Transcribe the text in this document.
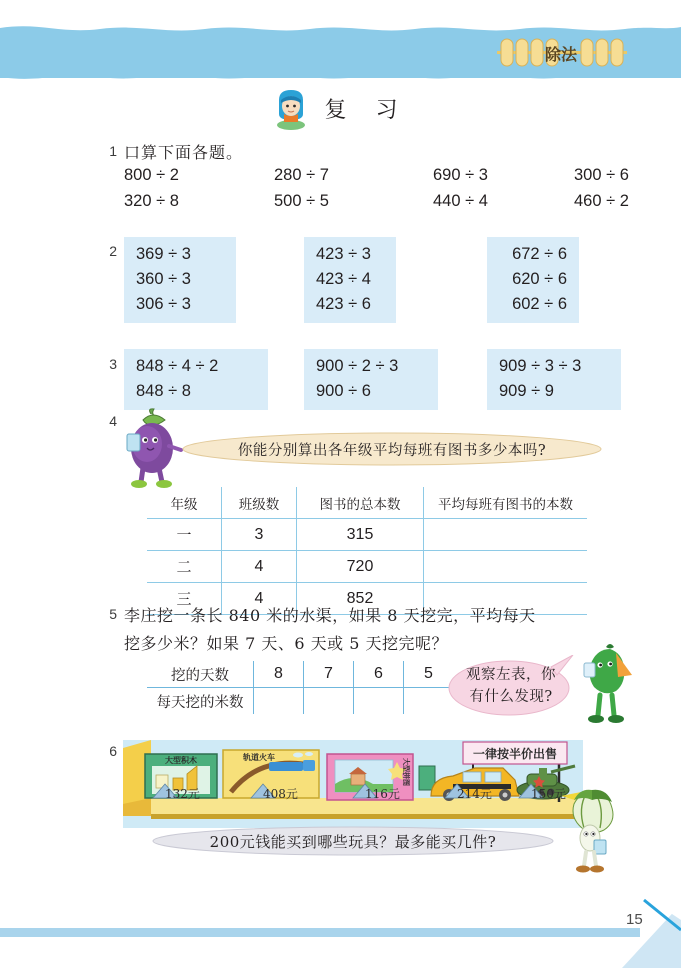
除法
复 习
1 口算下面各题。
800 ÷ 2	280 ÷ 7	690 ÷ 3	300 ÷ 6
320 ÷ 8	500 ÷ 5	440 ÷ 4	460 ÷ 2
2 369 ÷ 3
360 ÷ 3
306 ÷ 3
423 ÷ 3
423 ÷ 4
423 ÷ 6
672 ÷ 6
620 ÷ 6
602 ÷ 6
3 848 ÷ 4 ÷ 2
848 ÷ 8
900 ÷ 2 ÷ 3
900 ÷ 6
909 ÷ 3 ÷ 3
909 ÷ 9
4
你能分别算出各年级平均每班有图书多少本吗?
年级	班级数	图书的总本数	平均每班有图书的本数
一	3	315	
二	4	720	
三	4	852	
5 李庄挖一条长 840 米的水渠，如果 8 天挖完，平均每天
挖多少米？如果 7 天、6 天或 5 天挖完呢？
挖的天数	8	7	6	5
每天挖的米数				
观察左表，你
有什么发现?
6
大型积木	轨道火车
大型拼图
一律按半价出售
132元	408元	116元	214元	150元
200元钱能买到哪些玩具？最多能买几件?
15
